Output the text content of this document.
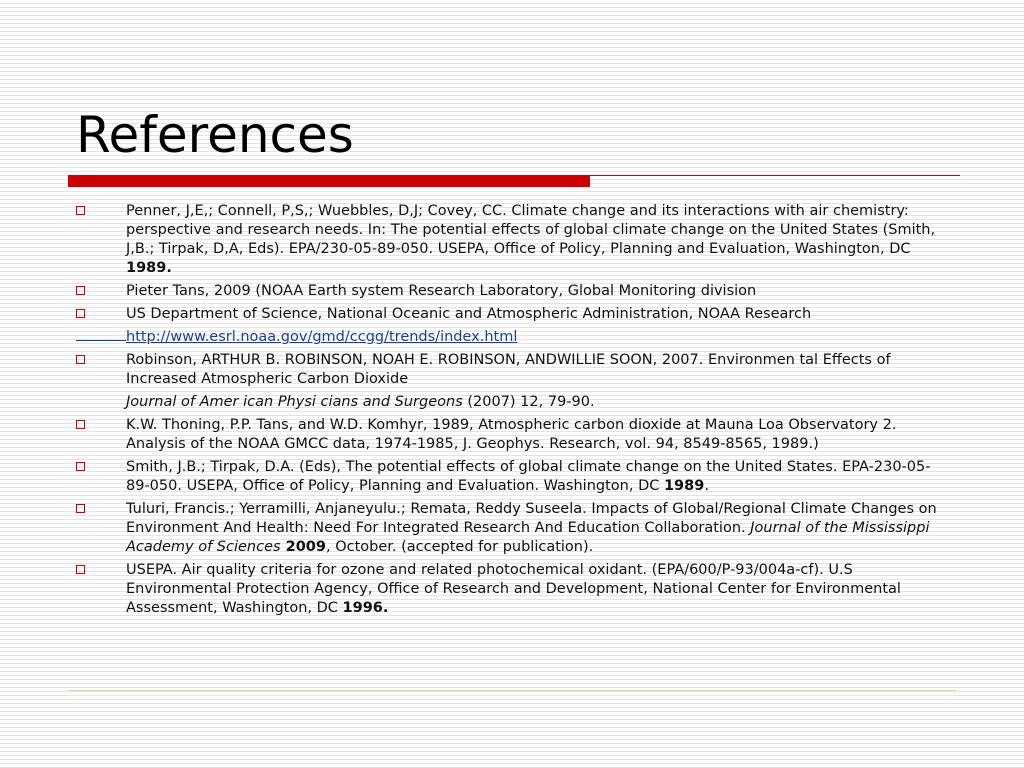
References
Penner, J,E,; Connell, P,S,; Wuebbles, D,J; Covey, CC. Climate change and its interactions with air chemistry: perspective and research needs. In: The potential effects of global climate change on the United States (Smith, J,B.; Tirpak, D,A, Eds). EPA/230-05-89-050. USEPA, Office of Policy, Planning and Evaluation, Washington, DC 1989.
Pieter Tans, 2009 (NOAA Earth system Research Laboratory, Global Monitoring division
US Department of Science, National Oceanic and Atmospheric Administration, NOAA Research
http://www.esrl.noaa.gov/gmd/ccgg/trends/index.html
Robinson, ARTHUR B. ROBINSON, NOAH E. ROBINSON, ANDWILLIE SOON, 2007. Environmen tal Effects of Increased Atmospheric Carbon Dioxide
Journal of Amer ican Physi cians and Surgeons (2007) 12, 79-90.
K.W. Thoning, P.P. Tans, and W.D. Komhyr, 1989, Atmospheric carbon dioxide at Mauna Loa Observatory 2. Analysis of the NOAA GMCC data, 1974-1985, J. Geophys. Research, vol. 94, 8549-8565, 1989.)
Smith, J.B.; Tirpak, D.A. (Eds), The potential effects of global climate change on the United States. EPA-230-05-89-050. USEPA, Office of Policy, Planning and Evaluation. Washington, DC 1989.
Tuluri, Francis.; Yerramilli, Anjaneyulu.; Remata, Reddy Suseela. Impacts of Global/Regional Climate Changes on Environment And Health: Need For Integrated Research And Education Collaboration. Journal of the Mississippi Academy of Sciences 2009, October. (accepted for publication).
USEPA. Air quality criteria for ozone and related photochemical oxidant. (EPA/600/P-93/004a-cf). U.S Environmental Protection Agency, Office of Research and Development, National Center for Environmental Assessment, Washington, DC 1996.
